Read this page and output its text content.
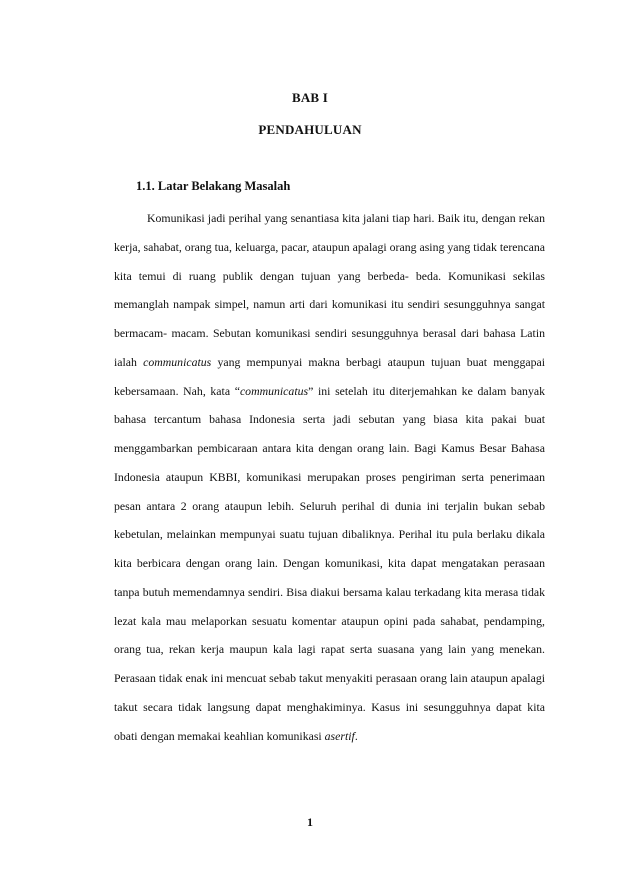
BAB I
PENDAHULUAN
1.1. Latar Belakang Masalah

Komunikasi jadi perihal yang senantiasa kita jalani tiap hari. Baik itu, dengan rekan kerja, sahabat, orang tua, keluarga, pacar, ataupun apalagi orang asing yang tidak terencana kita temui di ruang publik dengan tujuan yang berbeda- beda. Komunikasi sekilas memanglah nampak simpel, namun arti dari komunikasi itu sendiri sesungguhnya sangat bermacam- macam. Sebutan komunikasi sendiri sesungguhnya berasal dari bahasa Latin ialah communicatus yang mempunyai makna berbagi ataupun tujuan buat menggapai kebersamaan. Nah, kata “communicatus” ini setelah itu diterjemahkan ke dalam banyak bahasa tercantum bahasa Indonesia serta jadi sebutan yang biasa kita pakai buat menggambarkan pembicaraan antara kita dengan orang lain. Bagi Kamus Besar Bahasa Indonesia ataupun KBBI, komunikasi merupakan proses pengiriman serta penerimaan pesan antara 2 orang ataupun lebih. Seluruh perihal di dunia ini terjalin bukan sebab kebetulan, melainkan mempunyai suatu tujuan dibaliknya. Perihal itu pula berlaku dikala kita berbicara dengan orang lain. Dengan komunikasi, kita dapat mengatakan perasaan tanpa butuh memendamnya sendiri. Bisa diakui bersama kalau terkadang kita merasa tidak lezat kala mau melaporkan sesuatu komentar ataupun opini pada sahabat, pendamping, orang tua, rekan kerja maupun kala lagi rapat serta suasana yang lain yang menekan. Perasaan tidak enak ini mencuat sebab takut menyakiti perasaan orang lain ataupun apalagi takut secara tidak langsung dapat menghakiminya. Kasus ini sesungguhnya dapat kita obati dengan memakai keahlian komunikasi asertif.

1
